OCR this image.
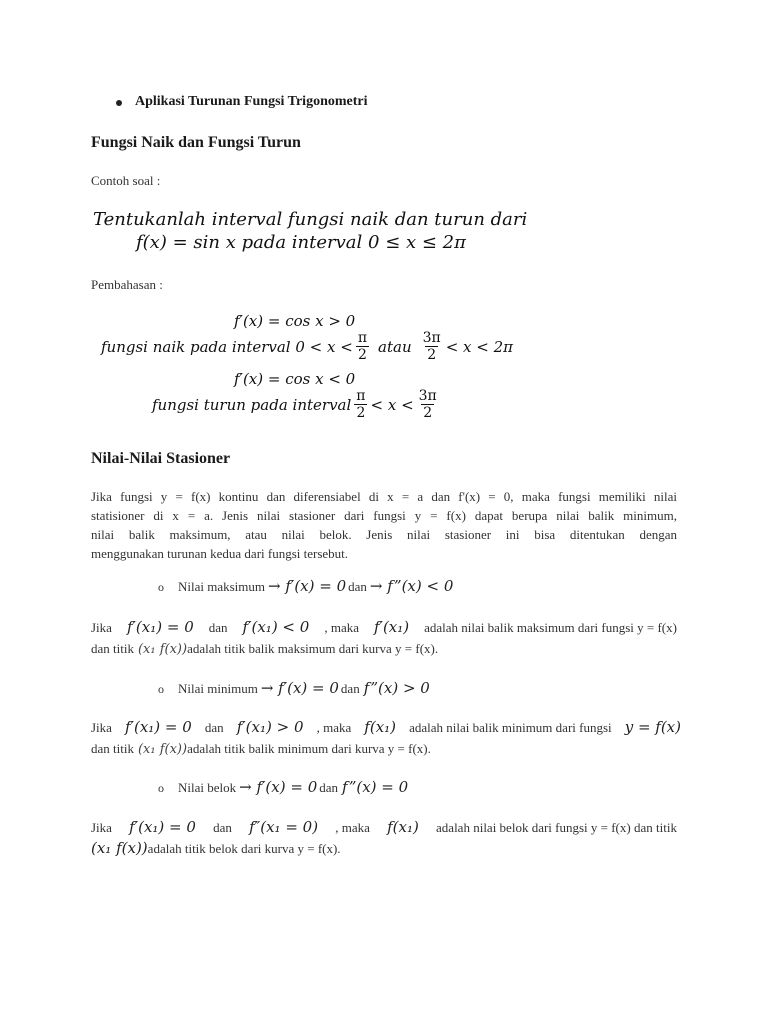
Aplikasi Turunan Fungsi Trigonometri
Fungsi Naik dan Fungsi Turun
Contoh soal :
Tentukanlah interval fungsi naik dan turun dari
f(x) = sin x pada interval 0 ≤ x ≤ 2π
Pembahasan :
f′(x) = cos x > 0
fungsi naik pada interval $0 < x < \frac{\pi}{2}$ atau $\frac{3\pi}{2} < x < 2\pi$
f′(x) = cos x < 0
fungsi turun pada interval $\frac{\pi}{2} < x < \frac{3\pi}{2}$
Nilai-Nilai Stasioner
Jika fungsi y = f(x) kontinu dan diferensiabel di x = a dan f'(x) = 0, maka fungsi memiliki nilai
statisioner di x = a. Jenis nilai stasioner dari fungsi y = f(x) dapat berupa nilai balik minimum,
nilai balik maksimum, atau nilai belok. Jenis nilai stasioner ini bisa ditentukan dengan
menggunakan turunan kedua dari fungsi tersebut.
o Nilai maksimum → f′(x) = 0 dan → f”(x) < 0
Jika f′(x₁) = 0 dan f′(x₁) < 0 , maka f′(x₁) adalah nilai balik maksimum dari fungsi y = f(x)
dan titik (x₁ f(x)) adalah titik balik maksimum dari kurva y = f(x).
o Nilai minimum → f′(x) = 0 dan f”(x) > 0
Jika f′(x₁) = 0 dan f′(x₁) > 0 , maka f(x₁) adalah nilai balik minimum dari fungsi y = f(x)
dan titik (x₁ f(x)) adalah titik balik minimum dari kurva y = f(x).
o Nilai belok → f′(x) = 0 dan f”(x) = 0
Jika f′(x₁) = 0 dan f″(x₁ = 0) , maka f(x₁) adalah nilai belok dari fungsi y = f(x) dan titik
(x₁ f(x)) adalah titik belok dari kurva y = f(x).
